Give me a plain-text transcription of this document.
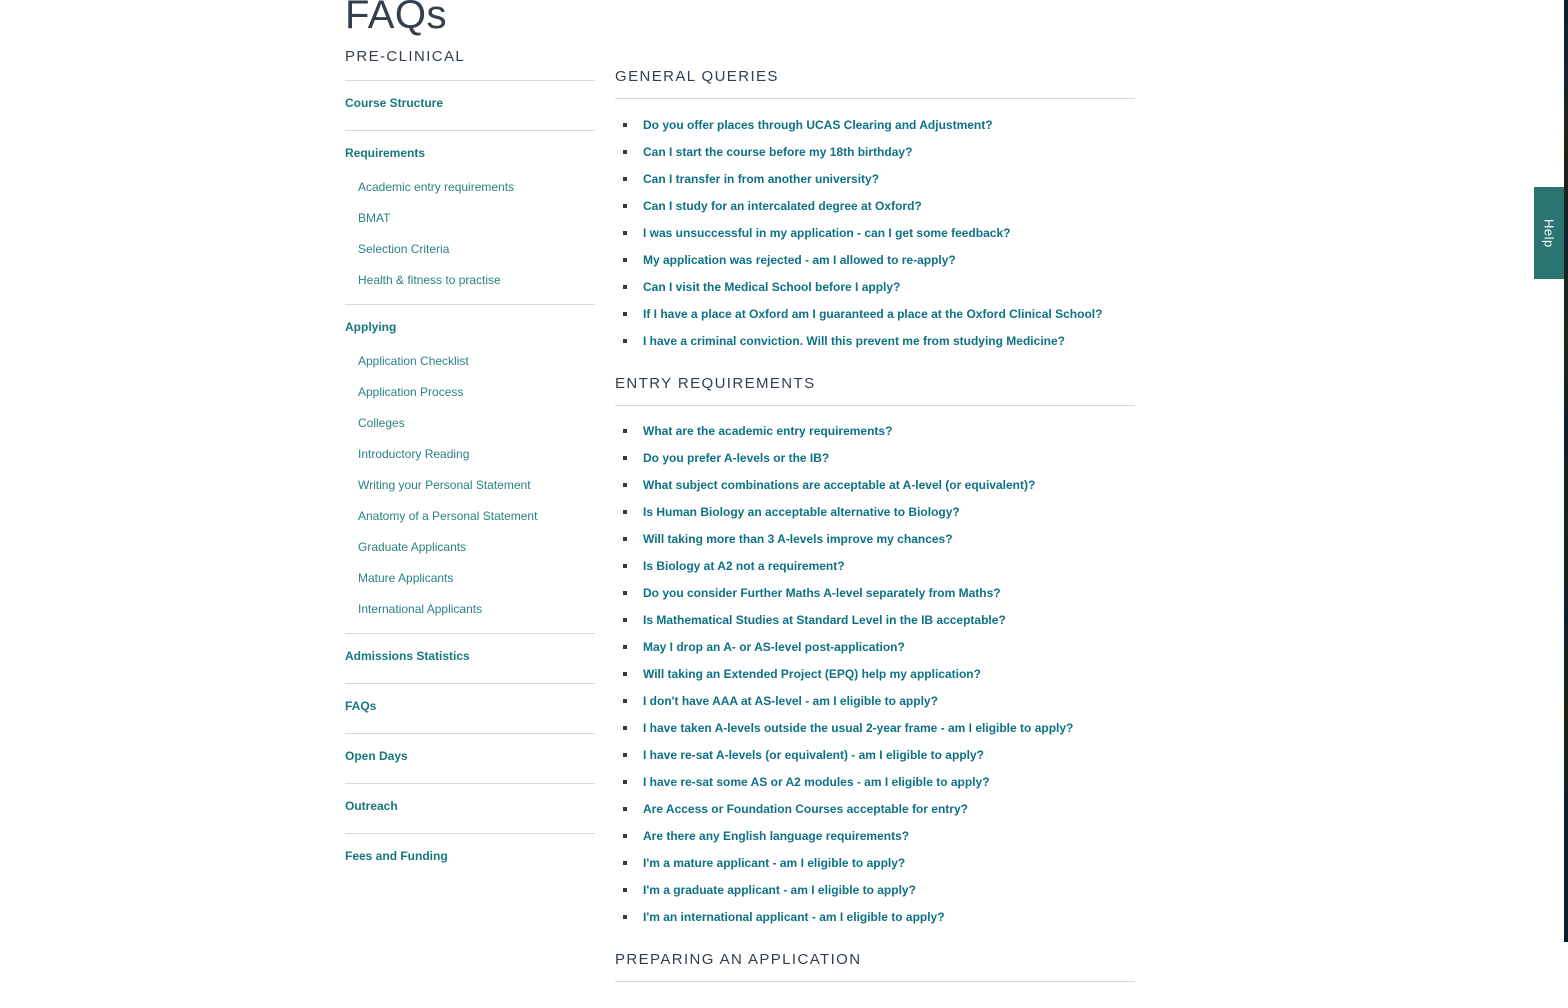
FAQs
PRE-CLINICAL
Course Structure
Requirements
Academic entry requirements
BMAT
Selection Criteria
Health & fitness to practise
Applying
Application Checklist
Application Process
Colleges
Introductory Reading
Writing your Personal Statement
Anatomy of a Personal Statement
Graduate Applicants
Mature Applicants
International Applicants
Admissions Statistics
FAQs
Open Days
Outreach
Fees and Funding
GENERAL QUERIES
Do you offer places through UCAS Clearing and Adjustment?
Can I start the course before my 18th birthday?
Can I transfer in from another university?
Can I study for an intercalated degree at Oxford?
I was unsuccessful in my application - can I get some feedback?
My application was rejected - am I allowed to re-apply?
Can I visit the Medical School before I apply?
If I have a place at Oxford am I guaranteed a place at the Oxford Clinical School?
I have a criminal conviction. Will this prevent me from studying Medicine?
ENTRY REQUIREMENTS
What are the academic entry requirements?
Do you prefer A-levels or the IB?
What subject combinations are acceptable at A-level (or equivalent)?
Is Human Biology an acceptable alternative to Biology?
Will taking more than 3 A-levels improve my chances?
Is Biology at A2 not a requirement?
Do you consider Further Maths A-level separately from Maths?
Is Mathematical Studies at Standard Level in the IB acceptable?
May I drop an A- or AS-level post-application?
Will taking an Extended Project (EPQ) help my application?
I don't have AAA at AS-level - am I eligible to apply?
I have taken A-levels outside the usual 2-year frame - am I eligible to apply?
I have re-sat A-levels (or equivalent) - am I eligible to apply?
I have re-sat some AS or A2 modules - am I eligible to apply?
Are Access or Foundation Courses acceptable for entry?
Are there any English language requirements?
I'm a mature applicant - am I eligible to apply?
I'm a graduate applicant - am I eligible to apply?
I'm an international applicant - am I eligible to apply?
PREPARING AN APPLICATION
Help
